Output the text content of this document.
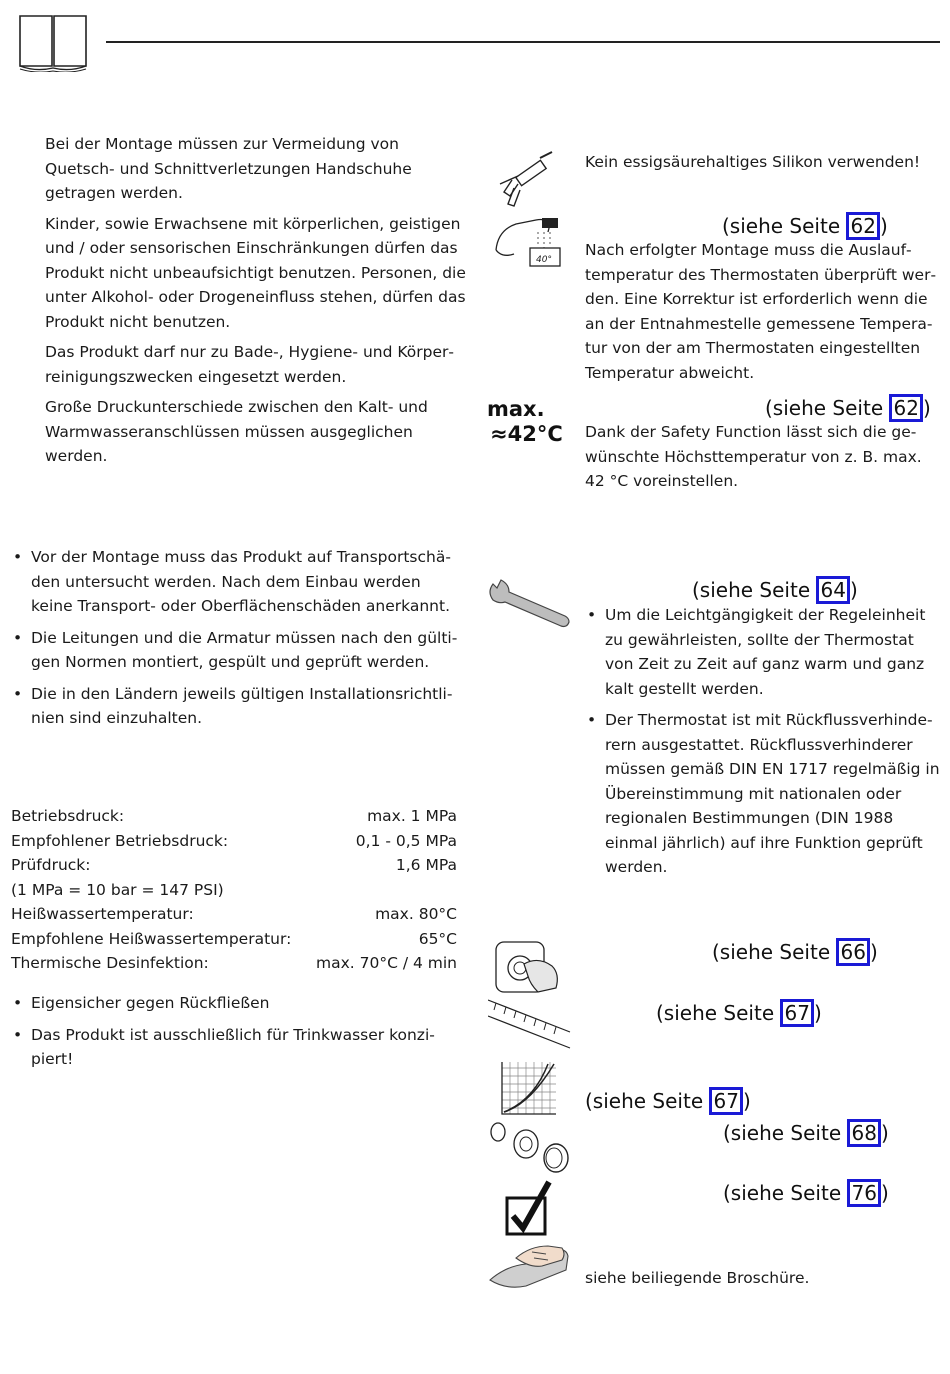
Bei der Montage müssen zur Vermeidung von Quetsch- und Schnittverletzungen Handschuhe getragen werden.

Kinder, sowie Erwachsene mit körperlichen, geistigen und / oder sensorischen Einschränkungen dürfen das Produkt nicht unbeaufsichtigt benutzen. Personen, die unter Alkohol- oder Drogeneinfluss stehen, dürfen das Produkt nicht benutzen.

Das Produkt darf nur zu Bade-, Hygiene- und Körperreinigungszwecken eingesetzt werden.

Große Druckunterschiede zwischen den Kalt- und Warmwasseranschlüssen müssen ausgeglichen werden.

• Vor der Montage muss das Produkt auf Transportschäden untersucht werden. Nach dem Einbau werden keine Transport- oder Oberflächenschäden anerkannt.
• Die Leitungen und die Armatur müssen nach den gültigen Normen montiert, gespült und geprüft werden.
• Die in den Ländern jeweils gültigen Installationsrichtlinien sind einzuhalten.
Betriebsdruck:	max. 1 MPa
Empfohlener Betriebsdruck:	0,1 - 0,5 MPa
Prüfdruck:	1,6 MPa
(1 MPa = 10 bar = 147 PSI)
Heißwassertemperatur:	max. 80°C
Empfohlene Heißwassertemperatur:	65°C
Thermische Desinfektion:	max. 70°C / 4 min
• Eigensicher gegen Rückfließen
• Das Produkt ist ausschließlich für Trinkwasser konzipiert!
Kein essigsäurehaltiges Silikon verwenden!
40°
(siehe Seite 62 )
Nach erfolgter Montage muss die Auslauftemperatur des Thermostaten überprüft werden. Eine Korrektur ist erforderlich wenn die an der Entnahmestelle gemessene Temperatur von der am Thermostaten eingestellten Temperatur abweicht.
max.
≈42°C
(siehe Seite 62 )
Dank der Safety Function lässt sich die gewünschte Höchsttemperatur von z. B. max. 42 °C voreinstellen.
(siehe Seite 64 )
• Um die Leichtgängigkeit der Regeleinheit zu gewährleisten, sollte der Thermostat von Zeit zu Zeit auf ganz warm und ganz kalt gestellt werden.
• Der Thermostat ist mit Rückflussverhinderern ausgestattet. Rückflussverhinderer müssen gemäß DIN EN 1717 regelmäßig in Übereinstimmung mit nationalen oder regionalen Bestimmungen (DIN 1988 einmal jährlich) auf ihre Funktion geprüft werden.
(siehe Seite 66 )
(siehe Seite 67 )
(siehe Seite 67 )
(siehe Seite 68 )
(siehe Seite 76 )
siehe beiliegende Broschüre.
